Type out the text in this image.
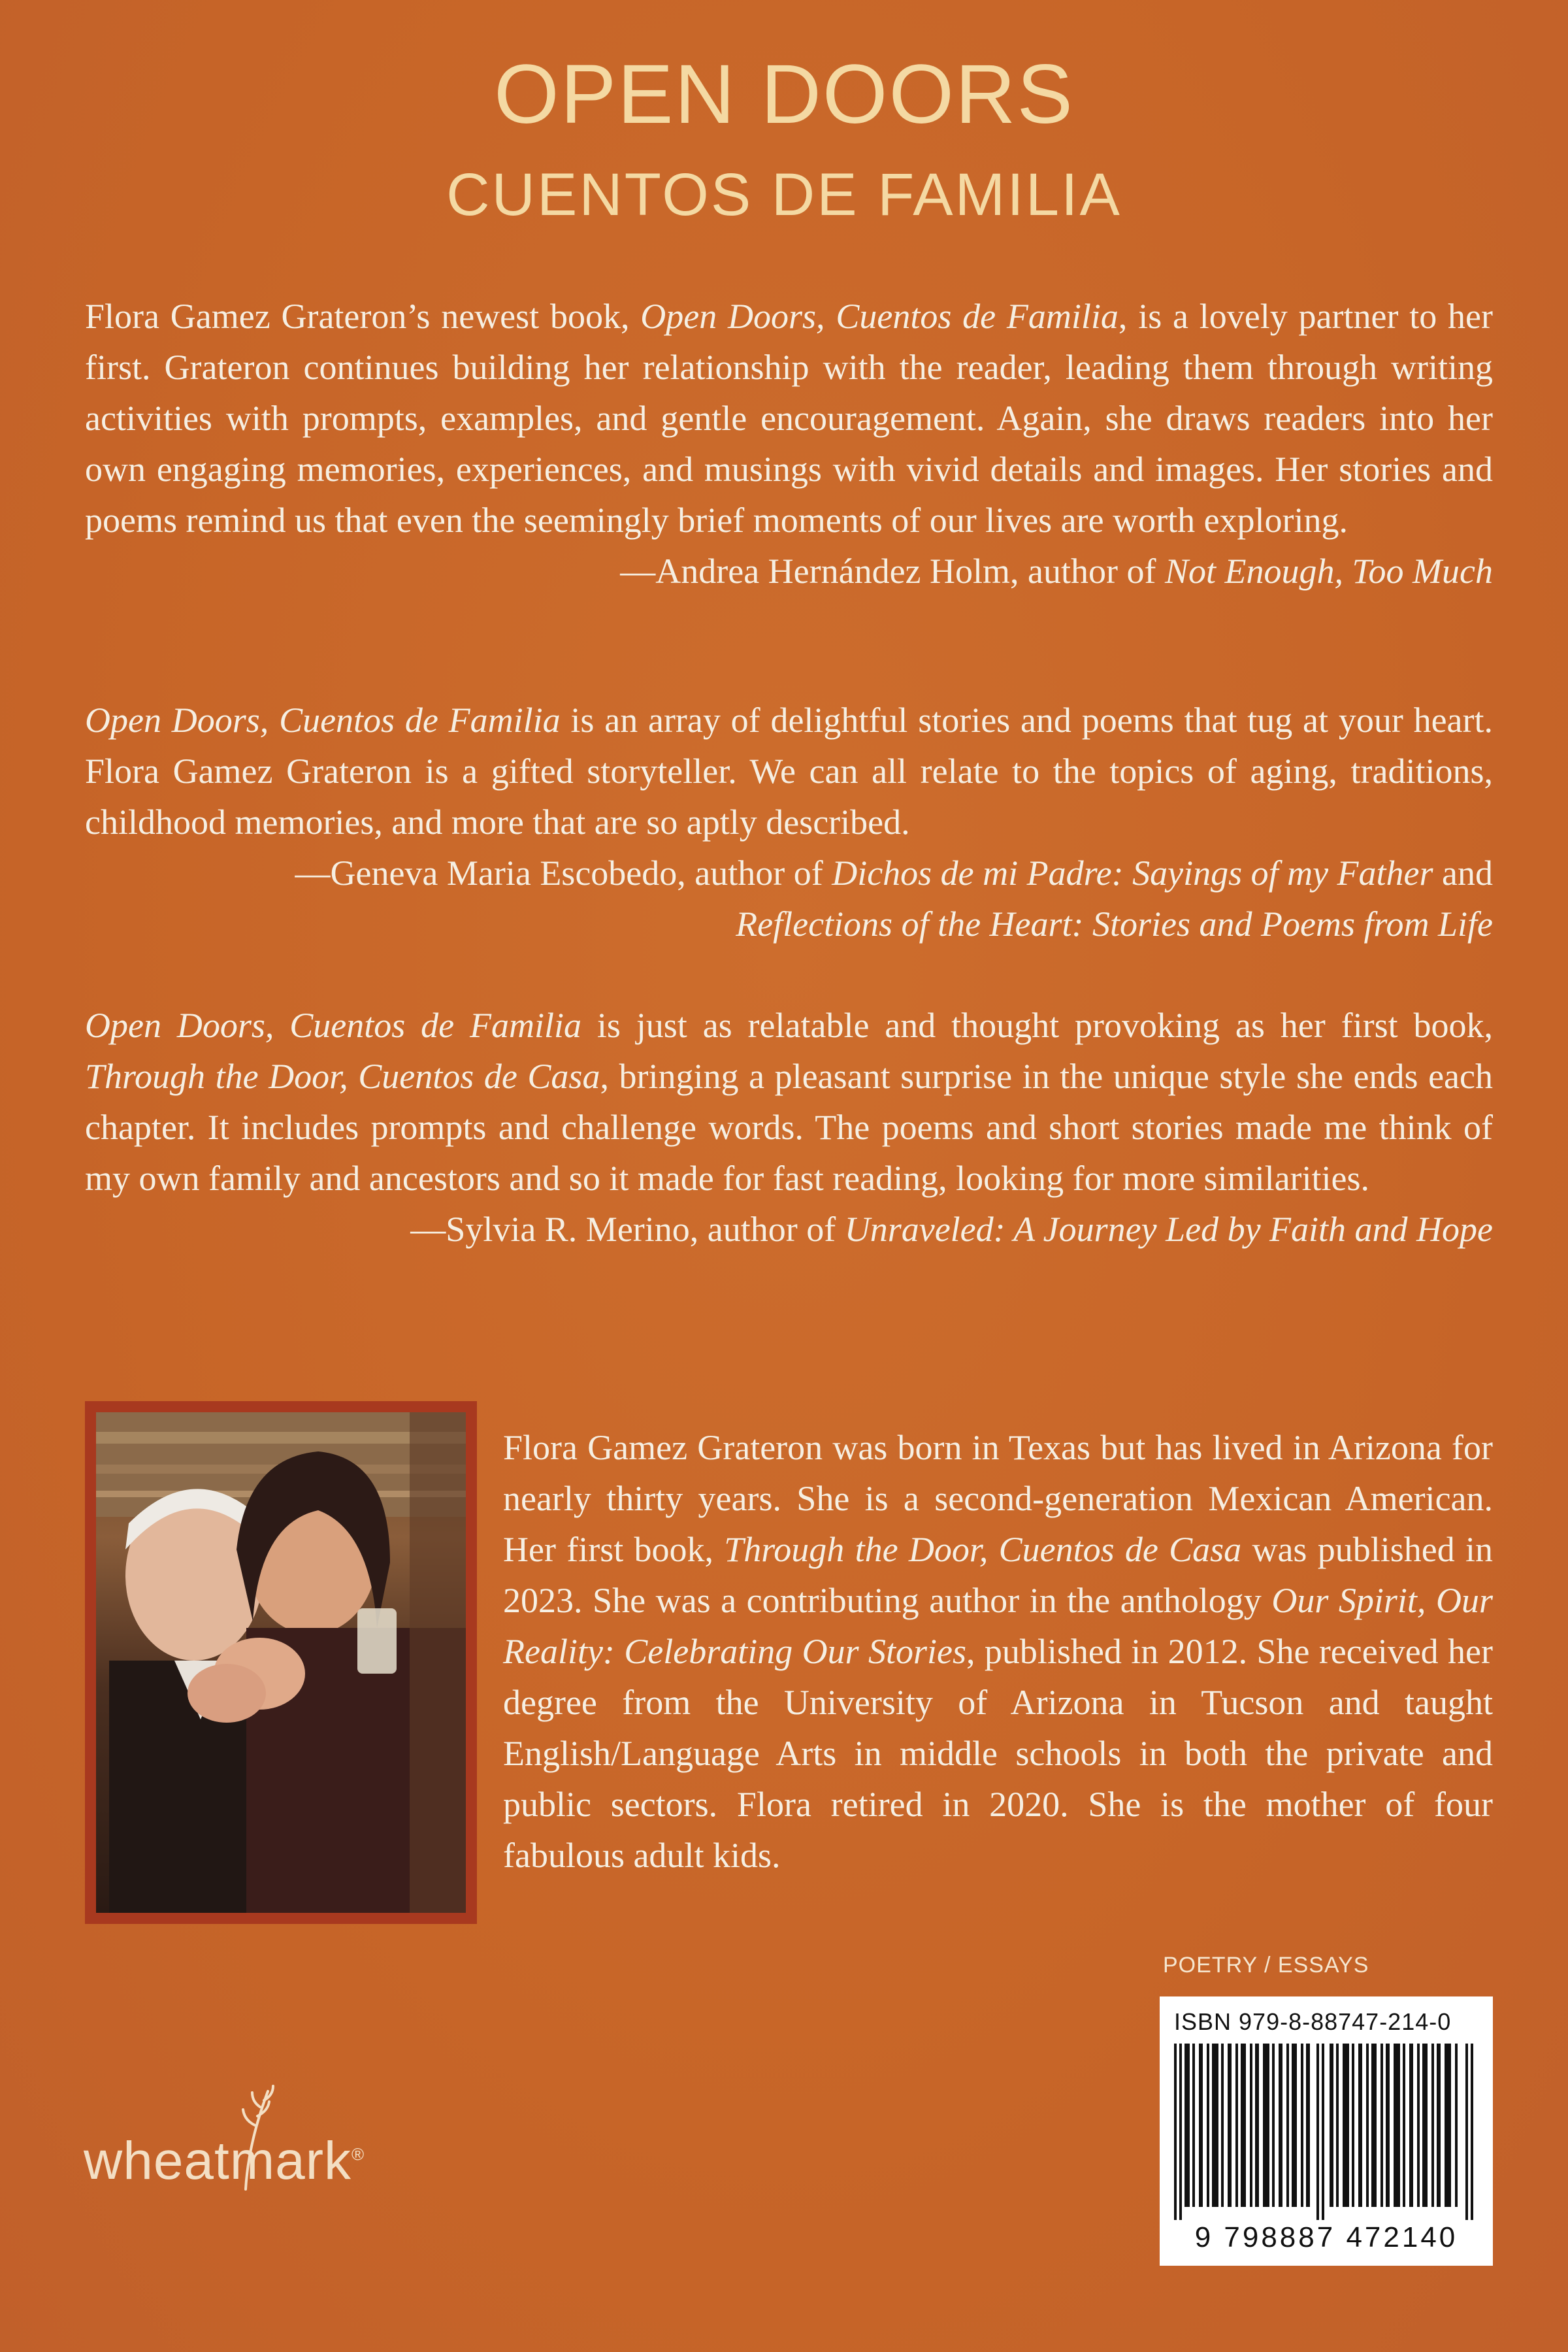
OPEN DOORS
CUENTOS DE FAMILIA

Flora Gamez Grateron’s newest book, Open Doors, Cuentos de Familia, is a lovely partner to her first. Grateron continues building her relationship with the reader, leading them through writing activities with prompts, examples, and gentle encouragement. Again, she draws readers into her own engaging memories, experiences, and musings with vivid details and images. Her stories and poems remind us that even the seemingly brief moments of our lives are worth exploring.

—Andrea Hernández Holm, author of Not Enough, Too Much

Open Doors, Cuentos de Familia is an array of delightful stories and poems that tug at your heart. Flora Gamez Grateron is a gifted storyteller. We can all relate to the topics of aging, traditions, childhood memories, and more that are so aptly described.

—Geneva Maria Escobedo, author of Dichos de mi Padre: Sayings of my Father and

Reflections of the Heart: Stories and Poems from Life

Open Doors, Cuentos de Familia is just as relatable and thought provoking as her first book, Through the Door, Cuentos de Casa, bringing a pleasant surprise in the unique style she ends each chapter. It includes prompts and challenge words. The poems and short stories made me think of my own family and ancestors and so it made for fast reading, looking for more similarities.

—Sylvia R. Merino, author of Unraveled: A Journey Led by Faith and Hope

Flora Gamez Grateron was born in Texas but has lived in Arizona for nearly thirty years. She is a second-generation Mexican American. Her first book, Through the Door, Cuentos de Casa was published in 2023. She was a contributing author in the anthology Our Spirit, Our Reality: Celebrating Our Stories, published in 2012. She received her degree from the University of Arizona in Tucson and taught English/Language Arts in middle schools in both the private and public sectors. Flora retired in 2020. She is the mother of four fabulous adult kids.

POETRY / ESSAYS
ISBN 979-8-88747-214-0
9 798887 472140
wheatmark®
